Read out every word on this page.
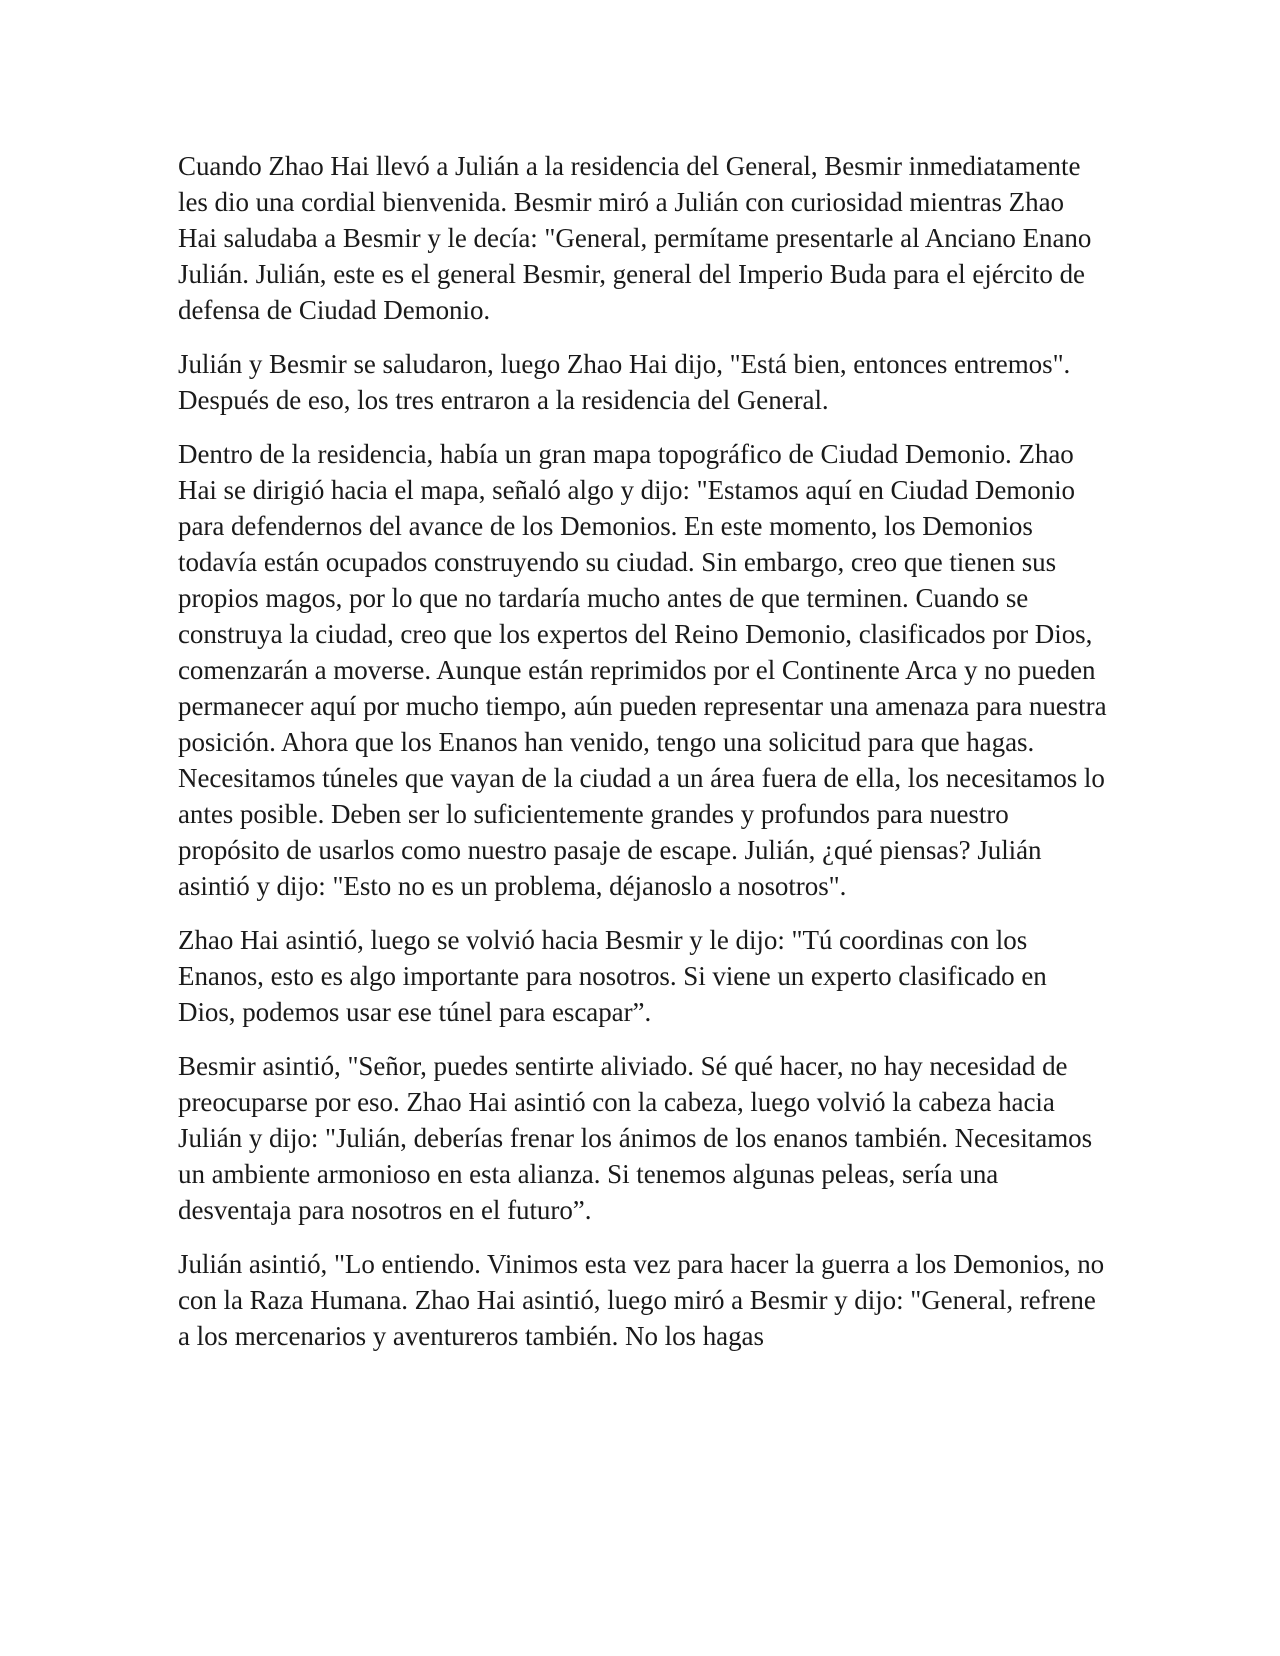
Cuando Zhao Hai llevó a Julián a la residencia del General, Besmir inmediatamente les dio una cordial bienvenida. Besmir miró a Julián con curiosidad mientras Zhao Hai saludaba a Besmir y le decía: "General, permítame presentarle al Anciano Enano Julián. Julián, este es el general Besmir, general del Imperio Buda para el ejército de defensa de Ciudad Demonio.

Julián y Besmir se saludaron, luego Zhao Hai dijo, "Está bien, entonces entremos". Después de eso, los tres entraron a la residencia del General.

Dentro de la residencia, había un gran mapa topográfico de Ciudad Demonio. Zhao Hai se dirigió hacia el mapa, señaló algo y dijo: "Estamos aquí en Ciudad Demonio para defendernos del avance de los Demonios. En este momento, los Demonios todavía están ocupados construyendo su ciudad. Sin embargo, creo que tienen sus propios magos, por lo que no tardaría mucho antes de que terminen. Cuando se construya la ciudad, creo que los expertos del Reino Demonio, clasificados por Dios, comenzarán a moverse. Aunque están reprimidos por el Continente Arca y no pueden permanecer aquí por mucho tiempo, aún pueden representar una amenaza para nuestra posición. Ahora que los Enanos han venido, tengo una solicitud para que hagas. Necesitamos túneles que vayan de la ciudad a un área fuera de ella, los necesitamos lo antes posible. Deben ser lo suficientemente grandes y profundos para nuestro propósito de usarlos como nuestro pasaje de escape. Julián, ¿qué piensas? Julián asintió y dijo: "Esto no es un problema, déjanoslo a nosotros".

Zhao Hai asintió, luego se volvió hacia Besmir y le dijo: "Tú coordinas con los Enanos, esto es algo importante para nosotros. Si viene un experto clasificado en Dios, podemos usar ese túnel para escapar”.

Besmir asintió, "Señor, puedes sentirte aliviado. Sé qué hacer, no hay necesidad de preocuparse por eso. Zhao Hai asintió con la cabeza, luego volvió la cabeza hacia Julián y dijo: "Julián, deberías frenar los ánimos de los enanos también. Necesitamos un ambiente armonioso en esta alianza. Si tenemos algunas peleas, sería una desventaja para nosotros en el futuro”.

Julián asintió, "Lo entiendo. Vinimos esta vez para hacer la guerra a los Demonios, no con la Raza Humana. Zhao Hai asintió, luego miró a Besmir y dijo: "General, refrene a los mercenarios y aventureros también. No los hagas
